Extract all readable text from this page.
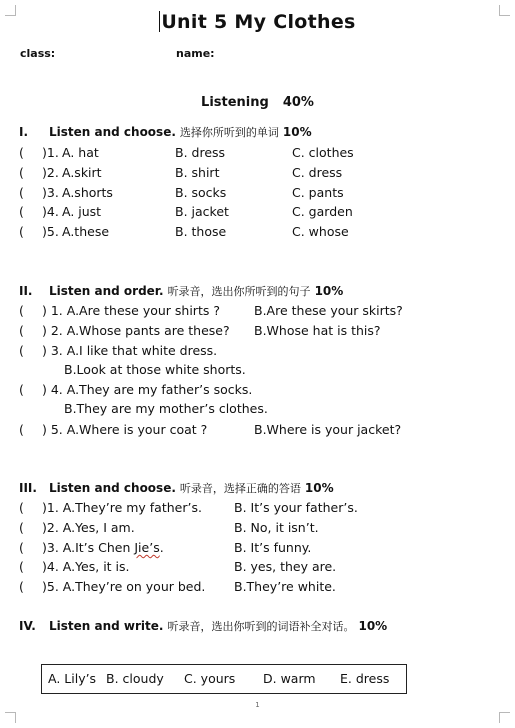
Unit 5 My Clothes
class:	name:
Listening 40%
I. Listen and choose. 选择你所听到的单词 10%
( )1. A. hat	B. dress	C. clothes
( )2. A.skirt	B. shirt	C. dress
( )3. A.shorts	B. socks	C. pants
( )4. A. just	B. jacket	C. garden
( )5. A.these	B. those	C. whose
II. Listen and order. 听录音，选出你所听到的句子 10%
( ) 1. A.Are these your shirts ?	B.Are these your skirts?
( ) 2. A.Whose pants are these? B.Whose hat is this?
( ) 3. A.I like that white dress.
B.Look at those white shorts.
( ) 4. A.They are my father’s socks.
B.They are my mother’s clothes.
( ) 5. A.Where is your coat ?	B.Where is your jacket?
III. Listen and choose. 听录音，选择正确的答语 10%
( )1. A.They’re my father’s.	B. It’s your father’s.
( )2. A.Yes, I am.	B. No, it isn’t.
( )3. A.It’s Chen Jie’s.	B. It’s funny.
( )4. A.Yes, it is.	B. yes, they are.
( )5. A.They’re on your bed. B.They’re white.
IV. Listen and write. 听录音，选出你听到的词语补全对话。 10%
A. Lily’s B. cloudy C. yours D. warm E. dress
1
